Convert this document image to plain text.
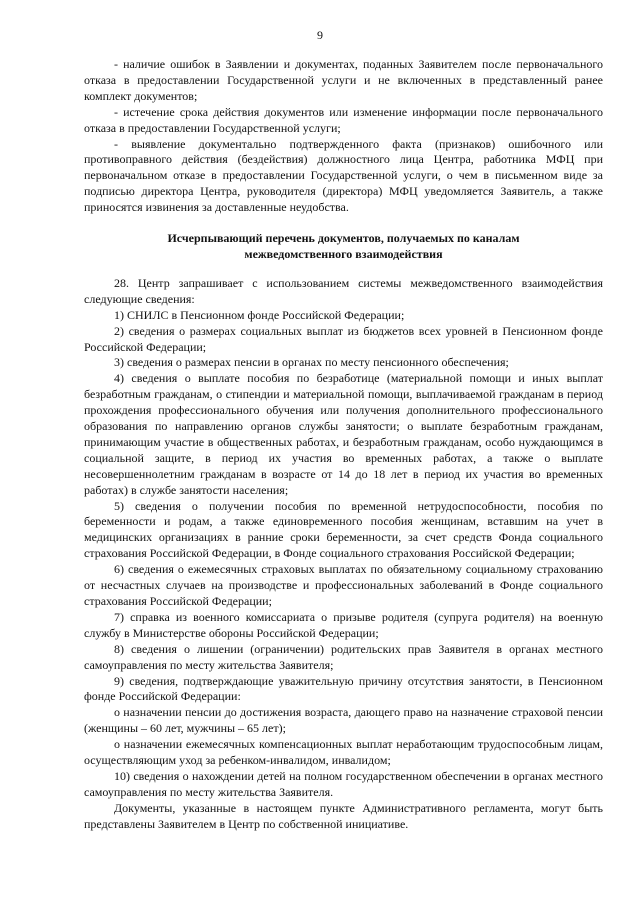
9

- наличие ошибок в Заявлении и документах, поданных Заявителем после первоначального отказа в предоставлении Государственной услуги и не включенных в представленный ранее комплект документов;

- истечение срока действия документов или изменение информации после первоначального отказа в предоставлении Государственной услуги;

- выявление документально подтвержденного факта (признаков) ошибочного или противоправного действия (бездействия) должностного лица Центра, работника МФЦ при первоначальном отказе в предоставлении Государственной услуги, о чем в письменном виде за подписью директора Центра, руководителя (директора) МФЦ уведомляется Заявитель, а также приносятся извинения за доставленные неудобства.

Исчерпывающий перечень документов, получаемых по каналам межведомственного взаимодействия

28. Центр запрашивает с использованием системы межведомственного взаимодействия следующие сведения:

1) СНИЛС в Пенсионном фонде Российской Федерации;

2) сведения о размерах социальных выплат из бюджетов всех уровней в Пенсионном фонде Российской Федерации;

3) сведения о размерах пенсии в органах по месту пенсионного обеспечения;

4) сведения о выплате пособия по безработице (материальной помощи и иных выплат безработным гражданам, о стипендии и материальной помощи, выплачиваемой гражданам в период прохождения профессионального обучения или получения дополнительного профессионального образования по направлению органов службы занятости; о выплате безработным гражданам, принимающим участие в общественных работах, и безработным гражданам, особо нуждающимся в социальной защите, в период их участия во временных работах, а также о выплате несовершеннолетним гражданам в возрасте от 14 до 18 лет в период их участия во временных работах) в службе занятости населения;

5) сведения о получении пособия по временной нетрудоспособности, пособия по беременности и родам, а также единовременного пособия женщинам, вставшим на учет в медицинских организациях в ранние сроки беременности, за счет средств Фонда социального страхования Российской Федерации, в Фонде социального страхования Российской Федерации;

6) сведения о ежемесячных страховых выплатах по обязательному социальному страхованию от несчастных случаев на производстве и профессиональных заболеваний в Фонде социального страхования Российской Федерации;

7) справка из военного комиссариата о призыве родителя (супруга родителя) на военную службу в Министерстве обороны Российской Федерации;

8) сведения о лишении (ограничении) родительских прав Заявителя в органах местного самоуправления по месту жительства Заявителя;

9) сведения, подтверждающие уважительную причину отсутствия занятости, в Пенсионном фонде Российской Федерации:

о назначении пенсии до достижения возраста, дающего право на назначение страховой пенсии (женщины – 60 лет, мужчины – 65 лет);

о назначении ежемесячных компенсационных выплат неработающим трудоспособным лицам, осуществляющим уход за ребенком-инвалидом, инвалидом;

10) сведения о нахождении детей на полном государственном обеспечении в органах местного самоуправления по месту жительства Заявителя.

Документы, указанные в настоящем пункте Административного регламента, могут быть представлены Заявителем в Центр по собственной инициативе.
